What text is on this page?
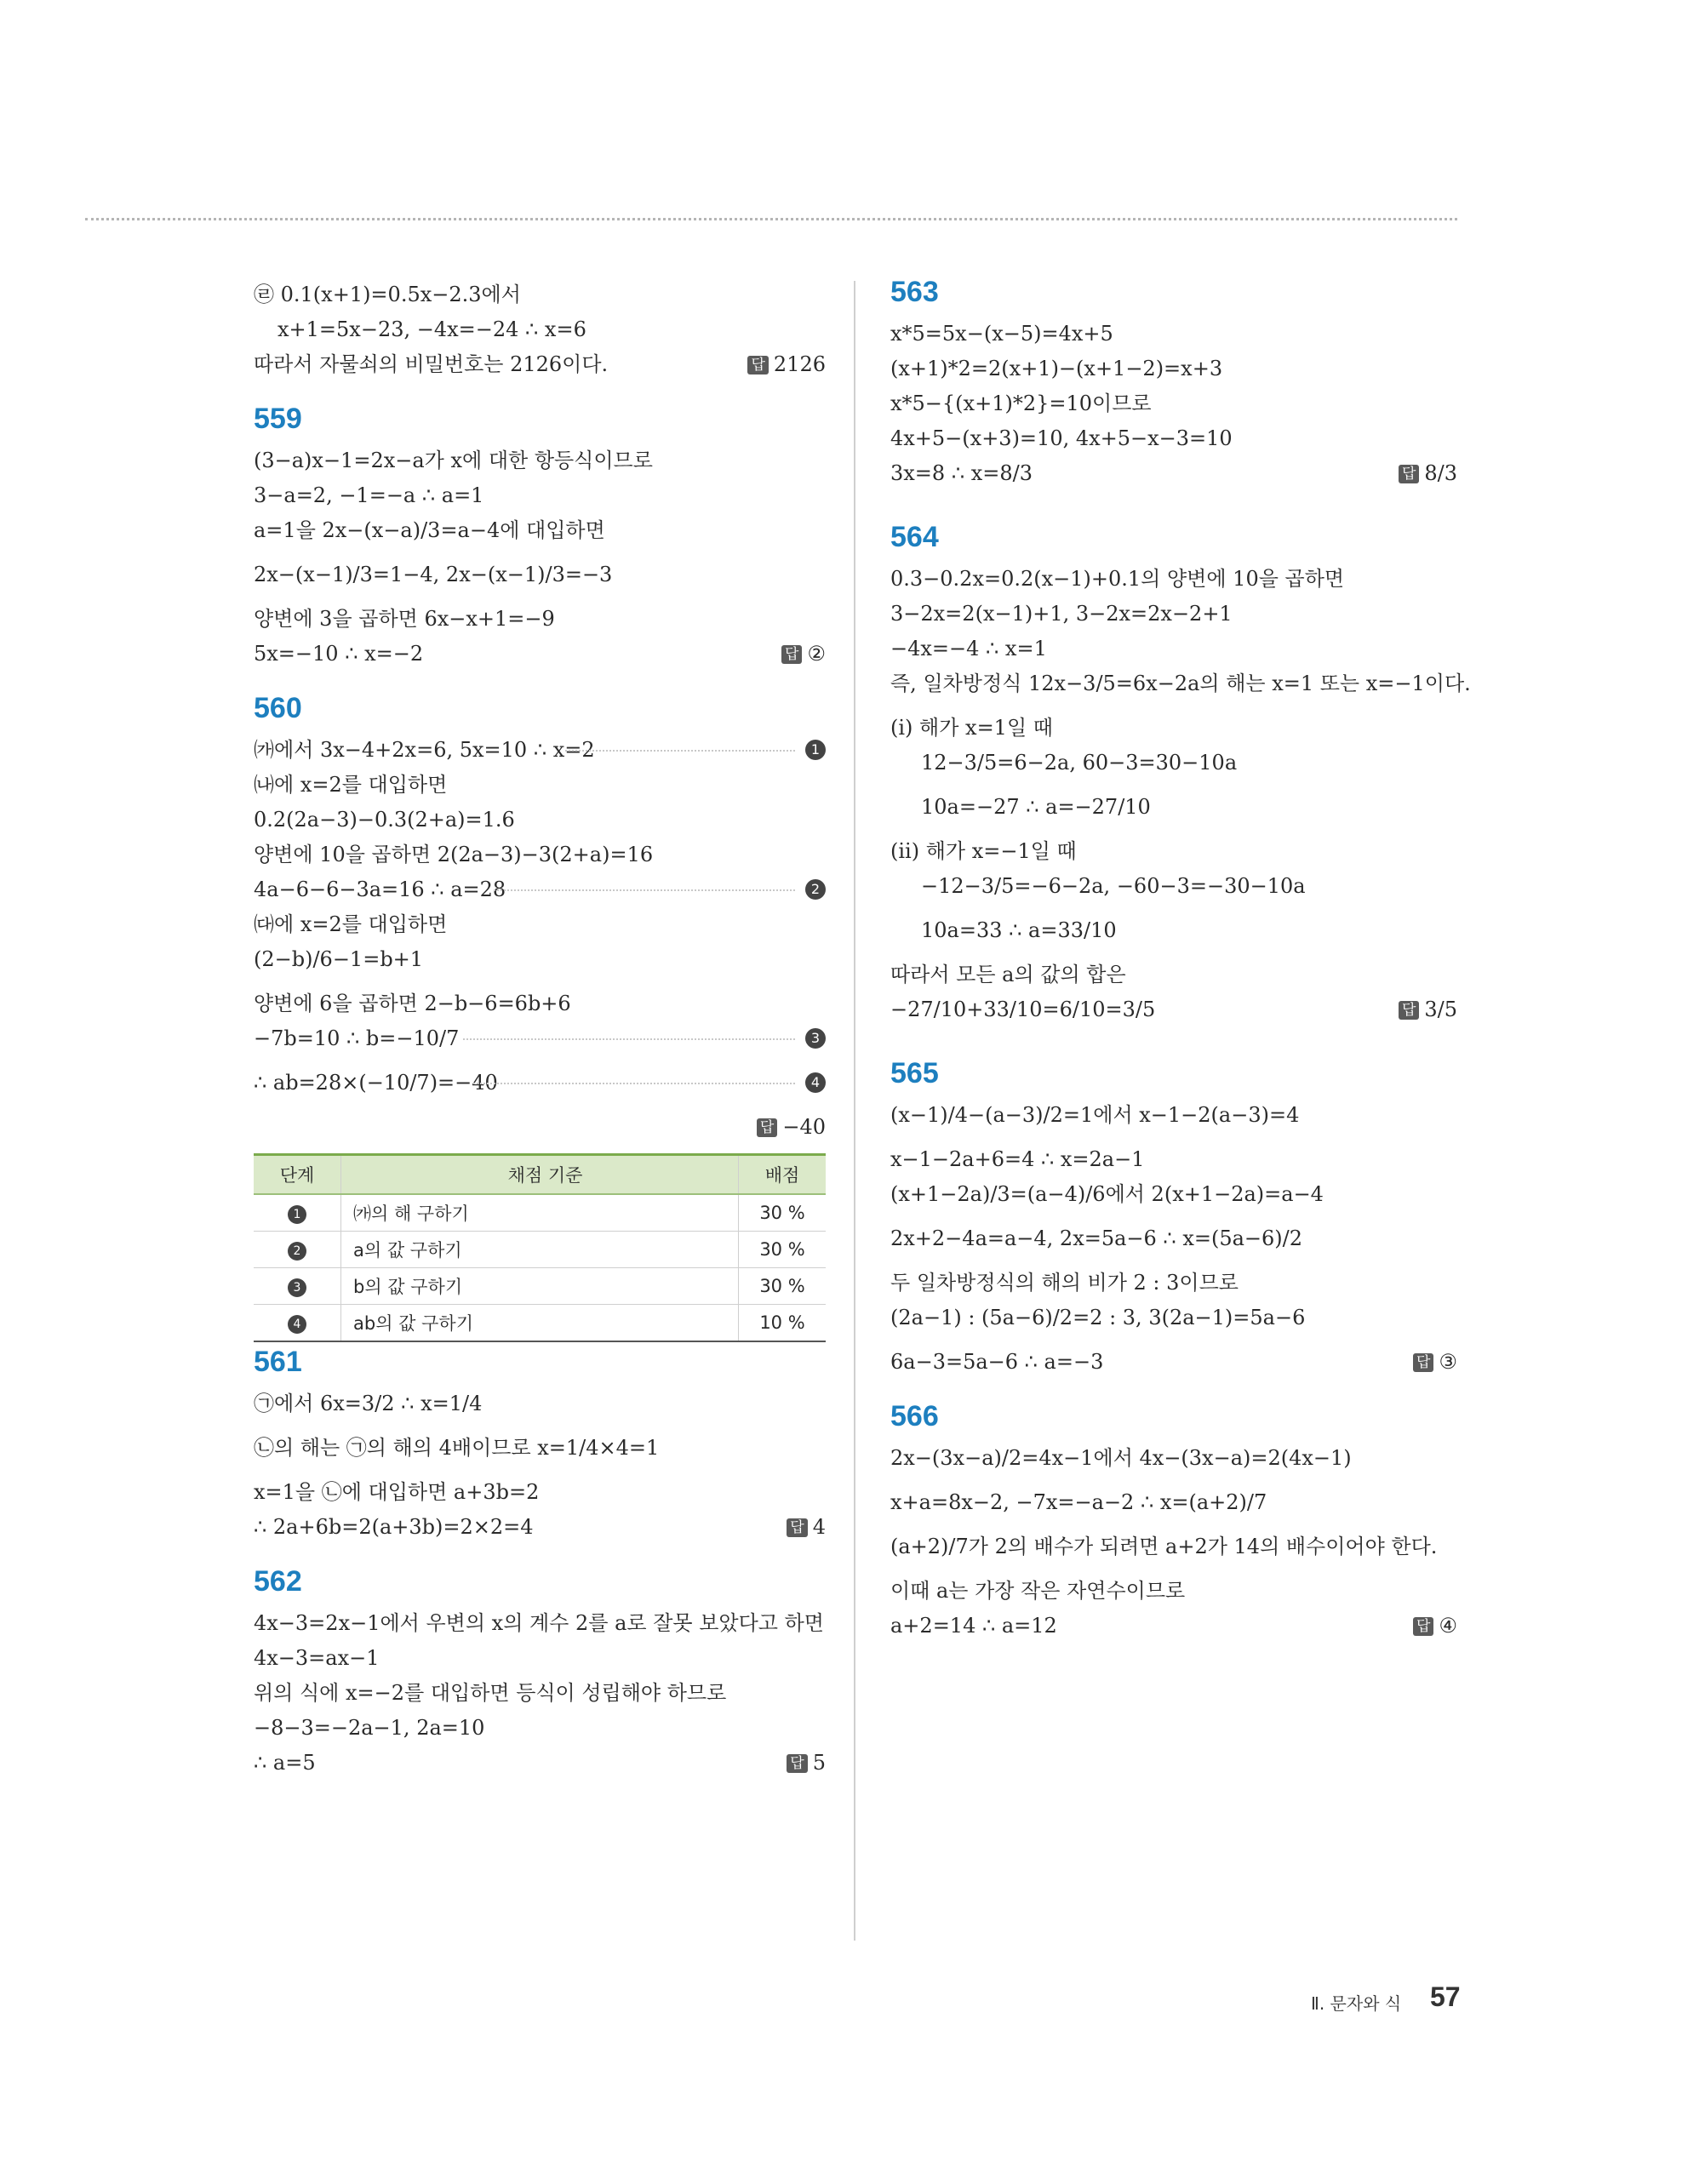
㉣ 0.1(x+1)=0.5x−2.3에서
x+1=5x−23, −4x=−24 ∴ x=6
따라서 자물쇠의 비밀번호는 2126이다.	답 2126
559
(3−a)x−1=2x−a가 x에 대한 항등식이므로
3−a=2, −1=−a ∴ a=1
a=1을 2x−(x−a)/3=a−4에 대입하면
2x−(x−1)/3=1−4, 2x−(x−1)/3=−3
양변에 3을 곱하면 6x−x+1=−9
5x=−10 ∴ x=−2	답 ②
560
㈎에서 3x−4+2x=6, 5x=10 ∴ x=2	1
㈏에 x=2를 대입하면
0.2(2a−3)−0.3(2+a)=1.6
양변에 10을 곱하면 2(2a−3)−3(2+a)=16
4a−6−6−3a=16 ∴ a=28	2
㈐에 x=2를 대입하면
(2−b)/6−1=b+1
양변에 6을 곱하면 2−b−6=6b+6
−7b=10 ∴ b=−10/7	3
∴ ab=28×(−10/7)=−40	4
답 −40
단계	채점 기준	배점
1	㈎의 해 구하기	30 %
2	a의 값 구하기	30 %
3	b의 값 구하기	30 %
4	ab의 값 구하기	10 %
561
㉠에서 6x=3/2 ∴ x=1/4
㉡의 해는 ㉠의 해의 4배이므로 x=1/4×4=1
x=1을 ㉡에 대입하면 a+3b=2
∴ 2a+6b=2(a+3b)=2×2=4	답 4
562
4x−3=2x−1에서 우변의 x의 계수 2를 a로 잘못 보았다고 하면
4x−3=ax−1
위의 식에 x=−2를 대입하면 등식이 성립해야 하므로
−8−3=−2a−1, 2a=10
∴ a=5	답 5
563
x*5=5x−(x−5)=4x+5
(x+1)*2=2(x+1)−(x+1−2)=x+3
x*5−{(x+1)*2}=10이므로
4x+5−(x+3)=10, 4x+5−x−3=10
3x=8 ∴ x=8/3	답 8/3
564
0.3−0.2x=0.2(x−1)+0.1의 양변에 10을 곱하면
3−2x=2(x−1)+1, 3−2x=2x−2+1
−4x=−4 ∴ x=1
즉, 일차방정식 12x−3/5=6x−2a의 해는 x=1 또는 x=−1이다.
(ⅰ) 해가 x=1일 때
12−3/5=6−2a, 60−3=30−10a
10a=−27 ∴ a=−27/10
(ⅱ) 해가 x=−1일 때
−12−3/5=−6−2a, −60−3=−30−10a
10a=33 ∴ a=33/10
따라서 모든 a의 값의 합은
−27/10+33/10=6/10=3/5	답 3/5
565
(x−1)/4−(a−3)/2=1에서 x−1−2(a−3)=4
x−1−2a+6=4 ∴ x=2a−1
(x+1−2a)/3=(a−4)/6에서 2(x+1−2a)=a−4
2x+2−4a=a−4, 2x=5a−6 ∴ x=(5a−6)/2
두 일차방정식의 해의 비가 2 : 3이므로
(2a−1) : (5a−6)/2=2 : 3, 3(2a−1)=5a−6
6a−3=5a−6 ∴ a=−3	답 ③
566
2x−(3x−a)/2=4x−1에서 4x−(3x−a)=2(4x−1)
x+a=8x−2, −7x=−a−2 ∴ x=(a+2)/7
(a+2)/7가 2의 배수가 되려면 a+2가 14의 배수이어야 한다.
이때 a는 가장 작은 자연수이므로
a+2=14 ∴ a=12	답 ④
Ⅱ. 문자와 식 57
